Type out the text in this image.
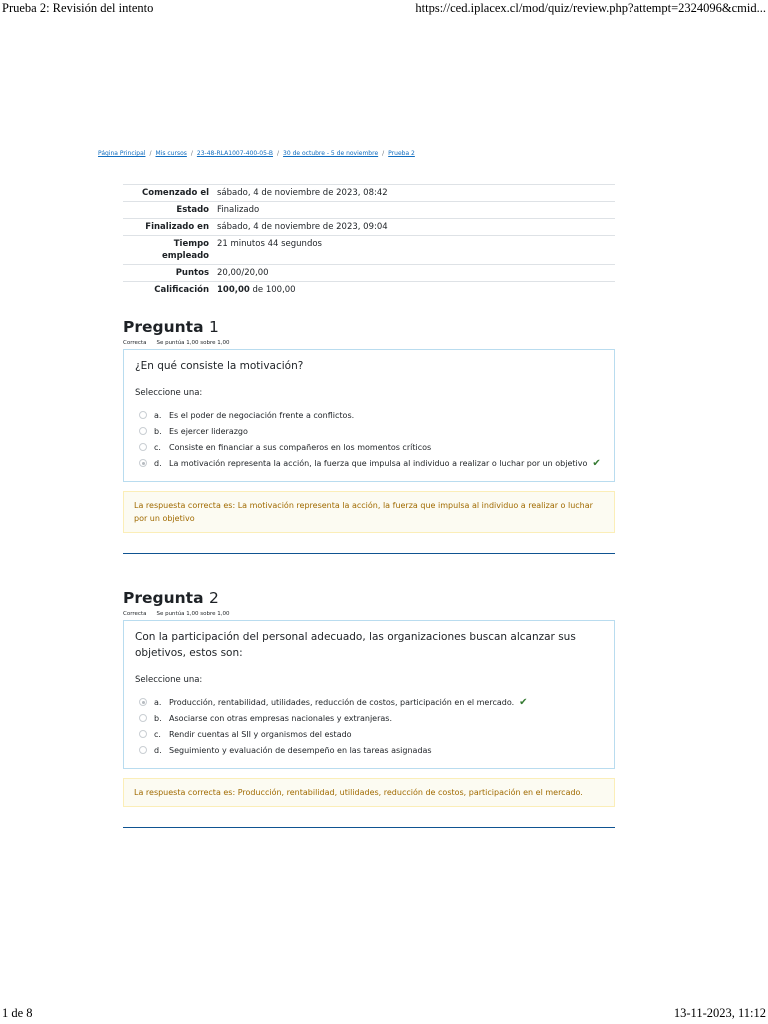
Prueba 2: Revisión del intento	https://ced.iplacex.cl/mod/quiz/review.php?attempt=2324096&cmid...
Página Principal / Mis cursos / 23-48-RLA1007-400-05-B / 30 de octubre - 5 de noviembre / Prueba 2
Comenzado el	sábado, 4 de noviembre de 2023, 08:42
Estado	Finalizado
Finalizado en	sábado, 4 de noviembre de 2023, 09:04
Tiempo empleado	21 minutos 44 segundos
Puntos	20,00/20,00
Calificación	100,00 de 100,00
Pregunta 1
Correcta Se puntúa 1,00 sobre 1,00
¿En qué consiste la motivación?
Seleccione una:
a. Es el poder de negociación frente a conflictos.
b. Es ejercer liderazgo
c.	Consiste en financiar a sus compañeros en los momentos críticos
d. La motivación representa la acción, la fuerza que impulsa al individuo a realizar o luchar por un objetivo ✔
La respuesta correcta es: La motivación representa la acción, la fuerza que impulsa al individuo a realizar o luchar por un objetivo
Pregunta 2
Correcta Se puntúa 1,00 sobre 1,00
Con la participación del personal adecuado, las organizaciones buscan alcanzar sus objetivos, estos son:
Seleccione una:
a. Producción, rentabilidad, utilidades, reducción de costos, participación en el mercado. ✔
b. Asociarse con otras empresas nacionales y extranjeras.
c.	Rendir cuentas al SII y organismos del estado
d. Seguimiento y evaluación de desempeño en las tareas asignadas
La respuesta correcta es: Producción, rentabilidad, utilidades, reducción de costos, participación en el mercado.
1 de 8	13-11-2023, 11:12
